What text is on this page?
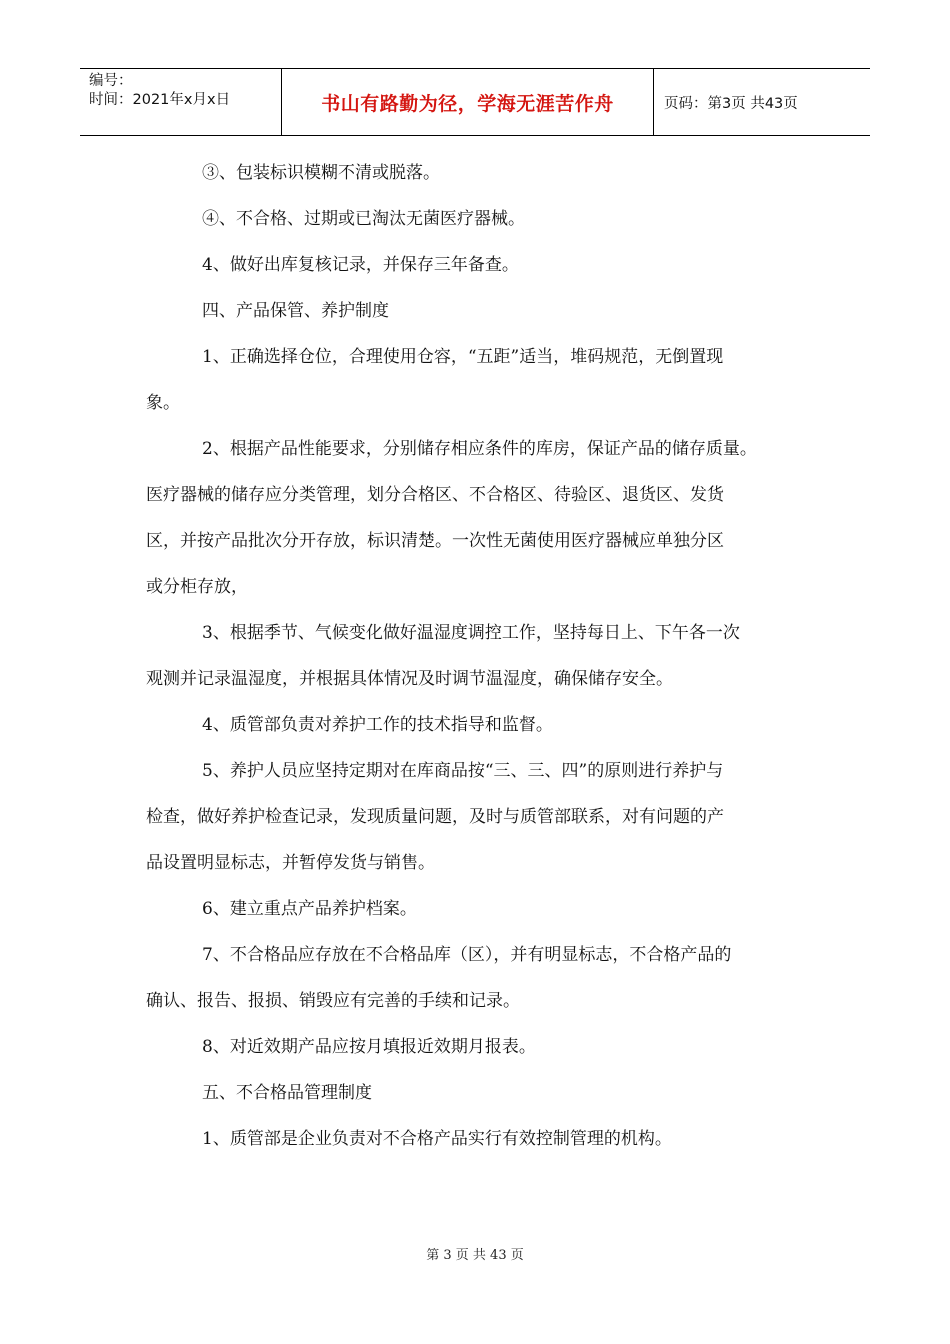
编号：
时间：2021年x月x日	书山有路勤为径，学海无涯苦作舟	页码：第3页 共43页

③、包装标识模糊不清或脱落。

④、不合格、过期或已淘汰无菌医疗器械。

4、做好出库复核记录，并保存三年备查。

四、产品保管、养护制度

1、正确选择仓位，合理使用仓容，“五距”适当，堆码规范，无倒置现

象。

2、根据产品性能要求，分别储存相应条件的库房，保证产品的储存质量。

医疗器械的储存应分类管理，划分合格区、不合格区、待验区、退货区、发货

区，并按产品批次分开存放，标识清楚。一次性无菌使用医疗器械应单独分区

或分柜存放，

3、根据季节、气候变化做好温湿度调控工作，坚持每日上、下午各一次

观测并记录温湿度，并根据具体情况及时调节温湿度，确保储存安全。

4、质管部负责对养护工作的技术指导和监督。

5、养护人员应坚持定期对在库商品按“三、三、四”的原则进行养护与

检查，做好养护检查记录，发现质量问题，及时与质管部联系，对有问题的产

品设置明显标志，并暂停发货与销售。

6、建立重点产品养护档案。

7、不合格品应存放在不合格品库（区），并有明显标志，不合格产品的

确认、报告、报损、销毁应有完善的手续和记录。

8、对近效期产品应按月填报近效期月报表。

五、不合格品管理制度

1、质管部是企业负责对不合格产品实行有效控制管理的机构。

第 3 页 共 43 页
